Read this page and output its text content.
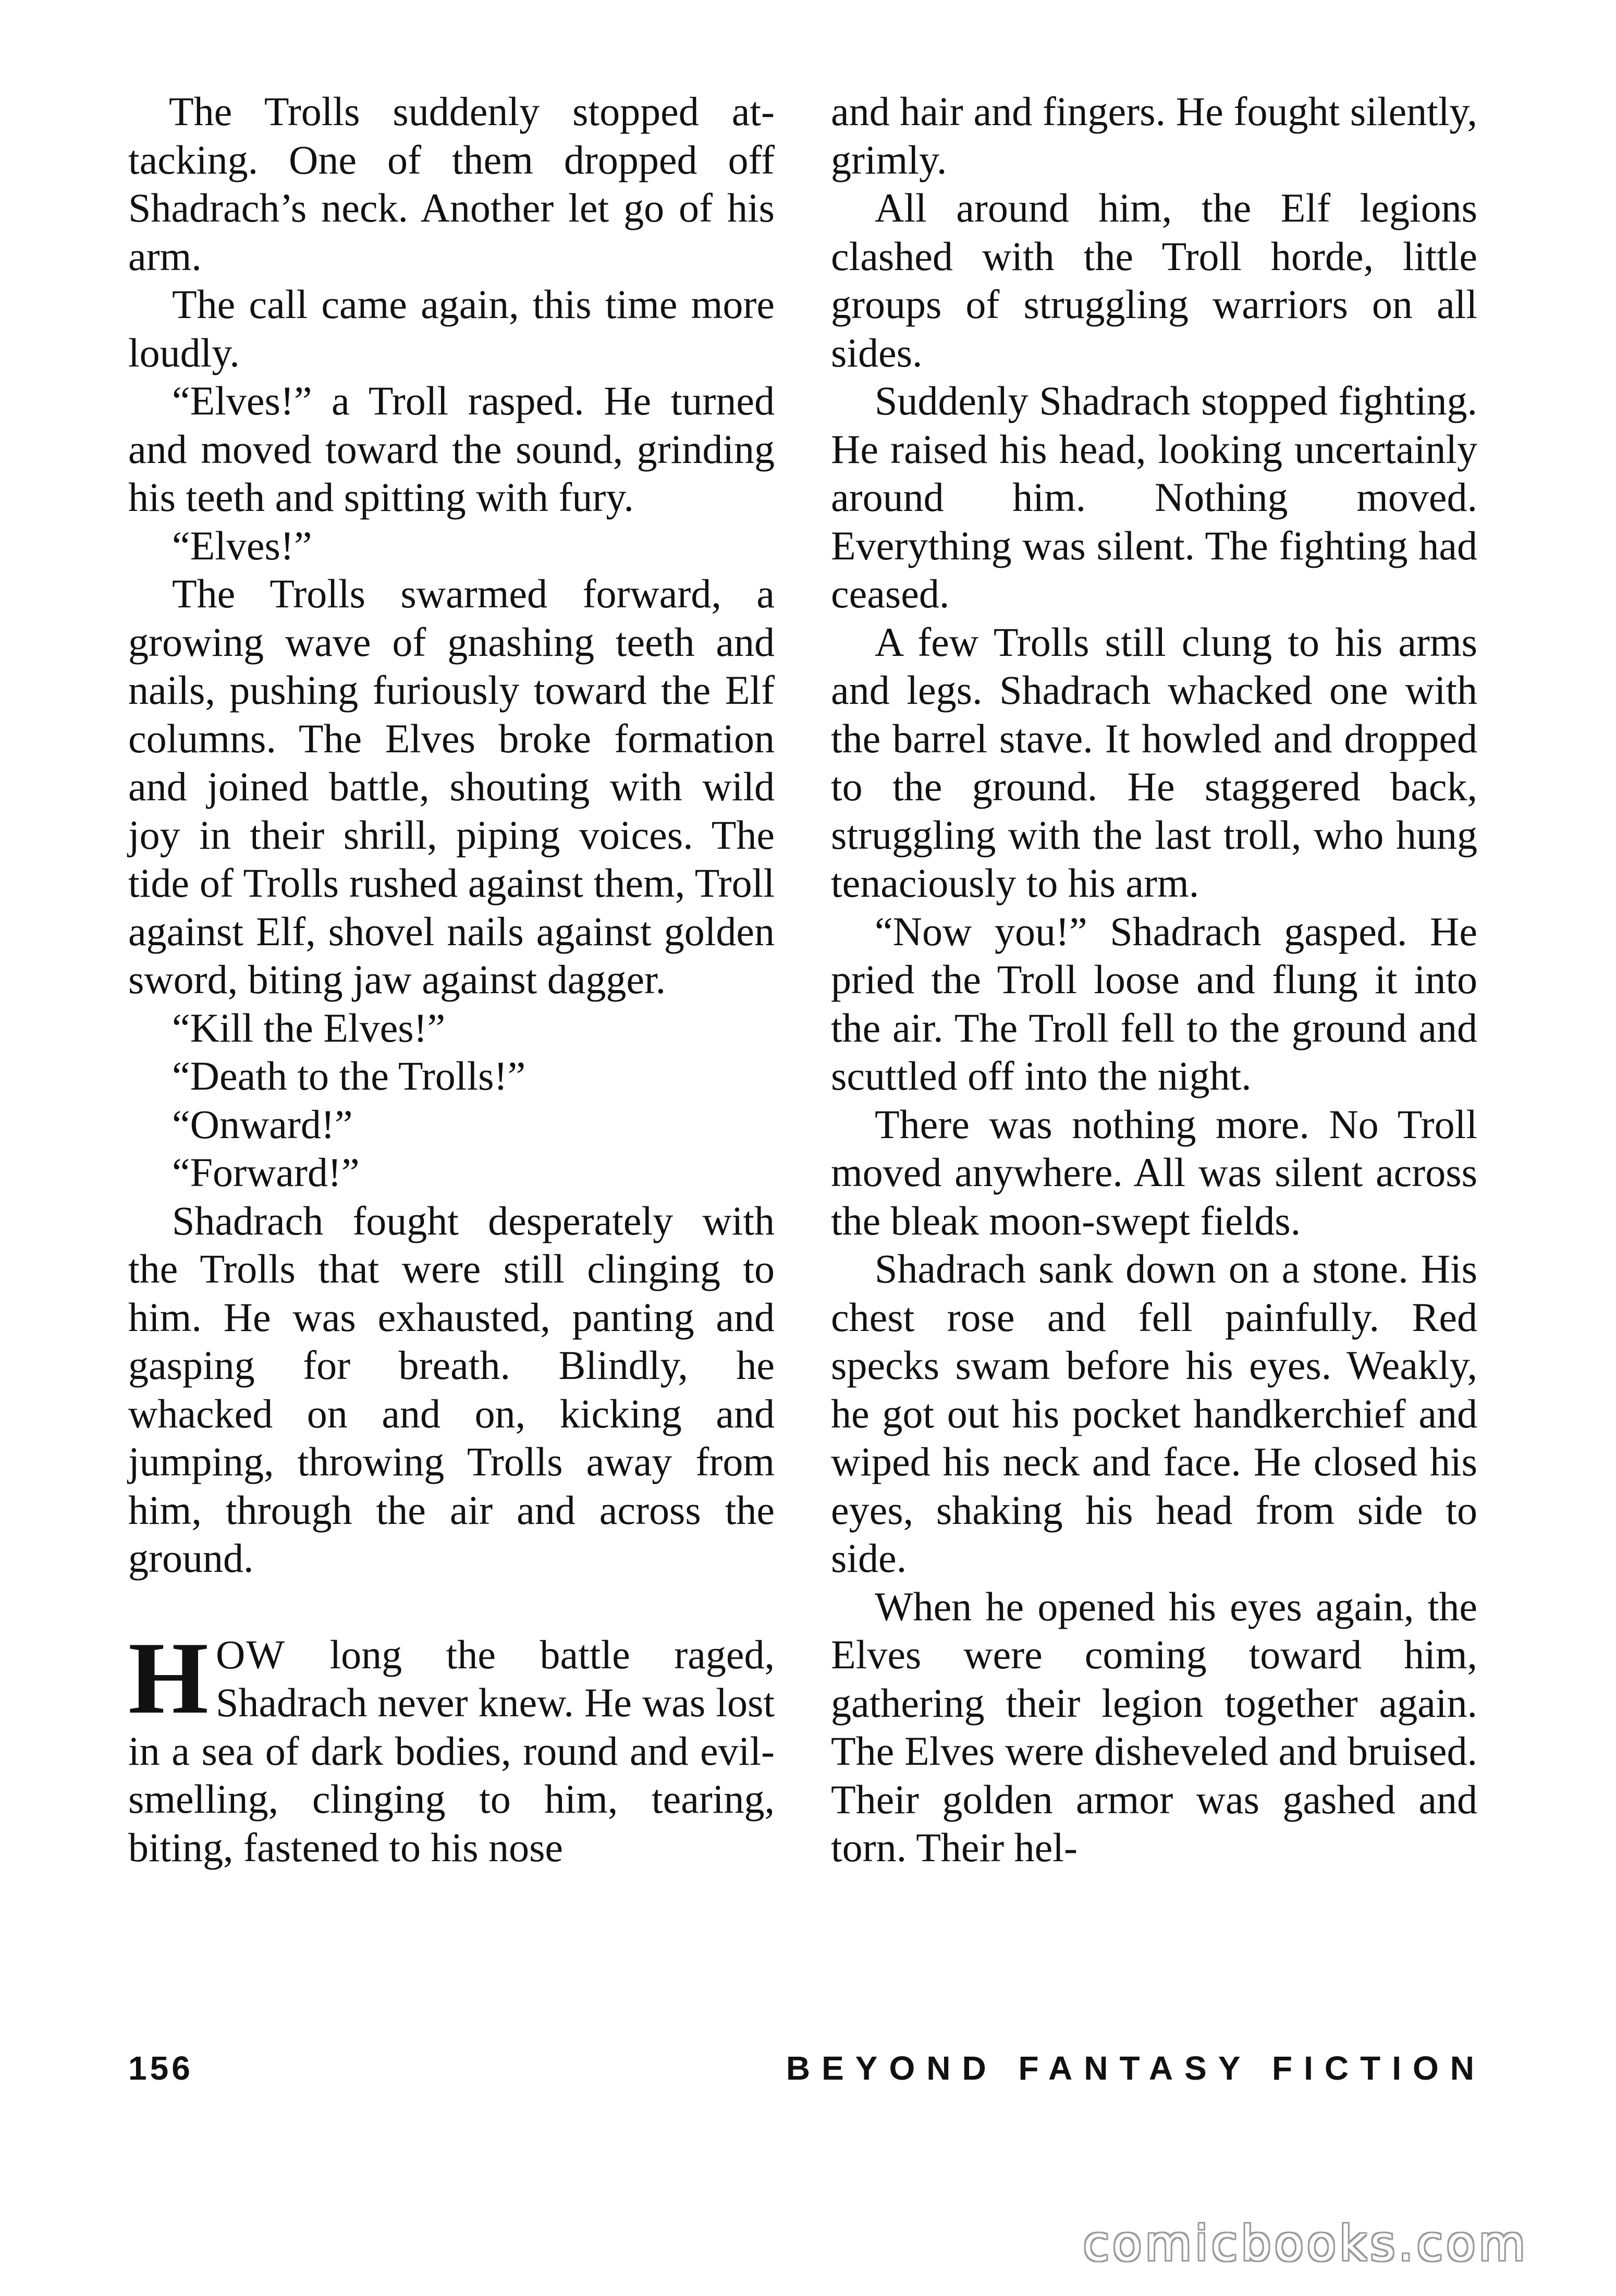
The Trolls suddenly stopped attacking. One of them dropped off Shadrach’s neck. Another let go of his arm.

The call came again, this time more loudly.

“Elves!” a Troll rasped. He turned and moved toward the sound, grinding his teeth and spitting with fury.

“Elves!”

The Trolls swarmed forward, a growing wave of gnashing teeth and nails, pushing furiously toward the Elf columns. The Elves broke formation and joined battle, shouting with wild joy in their shrill, piping voices. The tide of Trolls rushed against them, Troll against Elf, shovel nails against golden sword, biting jaw against dagger.

“Kill the Elves!”

“Death to the Trolls!”

“Onward!”

“Forward!”

Shadrach fought desperately with the Trolls that were still clinging to him. He was exhausted, panting and gasping for breath. Blindly, he whacked on and on, kicking and jumping, throwing Trolls away from him, through the air and across the ground.

HOW long the battle raged, Shadrach never knew. He was lost in a sea of dark bodies, round and evil-smelling, clinging to him, tearing, biting, fastened to his nose

and hair and fingers. He fought silently, grimly.

All around him, the Elf legions clashed with the Troll horde, little groups of struggling warriors on all sides.

Suddenly Shadrach stopped fighting. He raised his head, looking uncertainly around him. Nothing moved. Everything was silent. The fighting had ceased.

A few Trolls still clung to his arms and legs. Shadrach whacked one with the barrel stave. It howled and dropped to the ground. He staggered back, struggling with the last troll, who hung tenaciously to his arm.

“Now you!” Shadrach gasped. He pried the Troll loose and flung it into the air. The Troll fell to the ground and scuttled off into the night.

There was nothing more. No Troll moved anywhere. All was silent across the bleak moon-swept fields.

Shadrach sank down on a stone. His chest rose and fell painfully. Red specks swam before his eyes. Weakly, he got out his pocket handkerchief and wiped his neck and face. He closed his eyes, shaking his head from side to side.

When he opened his eyes again, the Elves were coming toward him, gathering their legion together again. The Elves were disheveled and bruised. Their golden armor was gashed and torn. Their hel-

156	BEYOND FANTASY FICTION
comicbooks.com
